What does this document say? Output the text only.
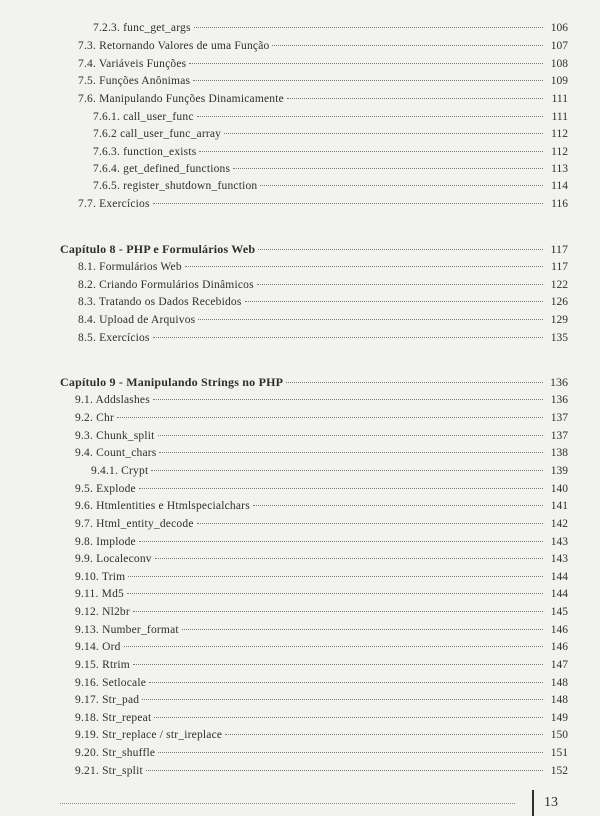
7.2.3. func_get_args	106
7.3. Retornando Valores de uma Função	107
7.4. Variáveis Funções	108
7.5. Funções Anônimas	109
7.6. Manipulando Funções Dinamicamente	111
7.6.1. call_user_func	111
7.6.2 call_user_func_array	112
7.6.3. function_exists	112
7.6.4. get_defined_functions	113
7.6.5. register_shutdown_function	114
7.7. Exercícios	116
Capítulo 8 - PHP e Formulários Web	117
8.1. Formulários Web	117
8.2. Criando Formulários Dinâmicos	122
8.3. Tratando os Dados Recebidos	126
8.4. Upload de Arquivos	129
8.5. Exercícios	135
Capítulo 9 - Manipulando Strings no PHP	136
9.1. Addslashes	136
9.2. Chr	137
9.3. Chunk_split	137
9.4. Count_chars	138
9.4.1. Crypt	139
9.5. Explode	140
9.6. Htmlentities e Htmlspecialchars	141
9.7. Html_entity_decode	142
9.8. Implode	143
9.9. Localeconv	143
9.10. Trim	144
9.11. Md5	144
9.12. Nl2br	145
9.13. Number_format	146
9.14. Ord	146
9.15. Rtrim	147
9.16. Setlocale	148
9.17. Str_pad	148
9.18. Str_repeat	149
9.19. Str_replace / str_ireplace	150
9.20. Str_shuffle	151
9.21. Str_split	152
13
